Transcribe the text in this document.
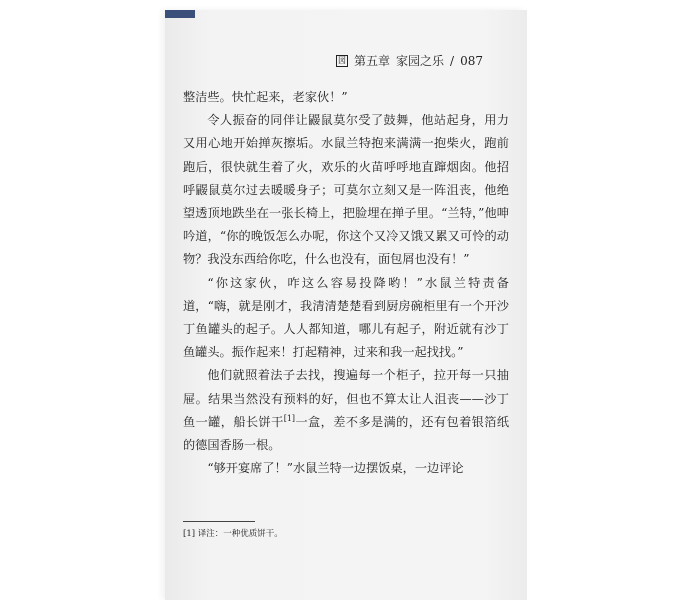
図 第五章 家园之乐 / 087

整洁些。快忙起来，老家伙！”

令人振奋的同伴让鼹鼠莫尔受了鼓舞，他站起身，用力又用心地开始掸灰擦垢。水鼠兰特抱来满满一抱柴火，跑前跑后，很快就生着了火，欢乐的火苗呼呼地直蹿烟囱。他招呼鼹鼠莫尔过去暖暖身子；可莫尔立刻又是一阵沮丧，他绝望透顶地跌坐在一张长椅上，把脸埋在掸子里。“兰特，”他呻吟道，“你的晚饭怎么办呢，你这个又冷又饿又累又可怜的动物？我没东西给你吃，什么也没有，面包屑也没有！”

“你这家伙，咋这么容易投降哟！”水鼠兰特责备道，“嗨，就是刚才，我清清楚楚看到厨房碗柜里有一个开沙丁鱼罐头的起子。人人都知道，哪儿有起子，附近就有沙丁鱼罐头。振作起来！打起精神，过来和我一起找找。”

他们就照着法子去找，搜遍每一个柜子，拉开每一只抽屉。结果当然没有预料的好，但也不算太让人沮丧——沙丁鱼一罐，船长饼干[1]一盒，差不多是满的，还有包着银箔纸的德国香肠一根。

“够开宴席了！”水鼠兰特一边摆饭桌，一边评论

[1] 译注：一种优质饼干。
